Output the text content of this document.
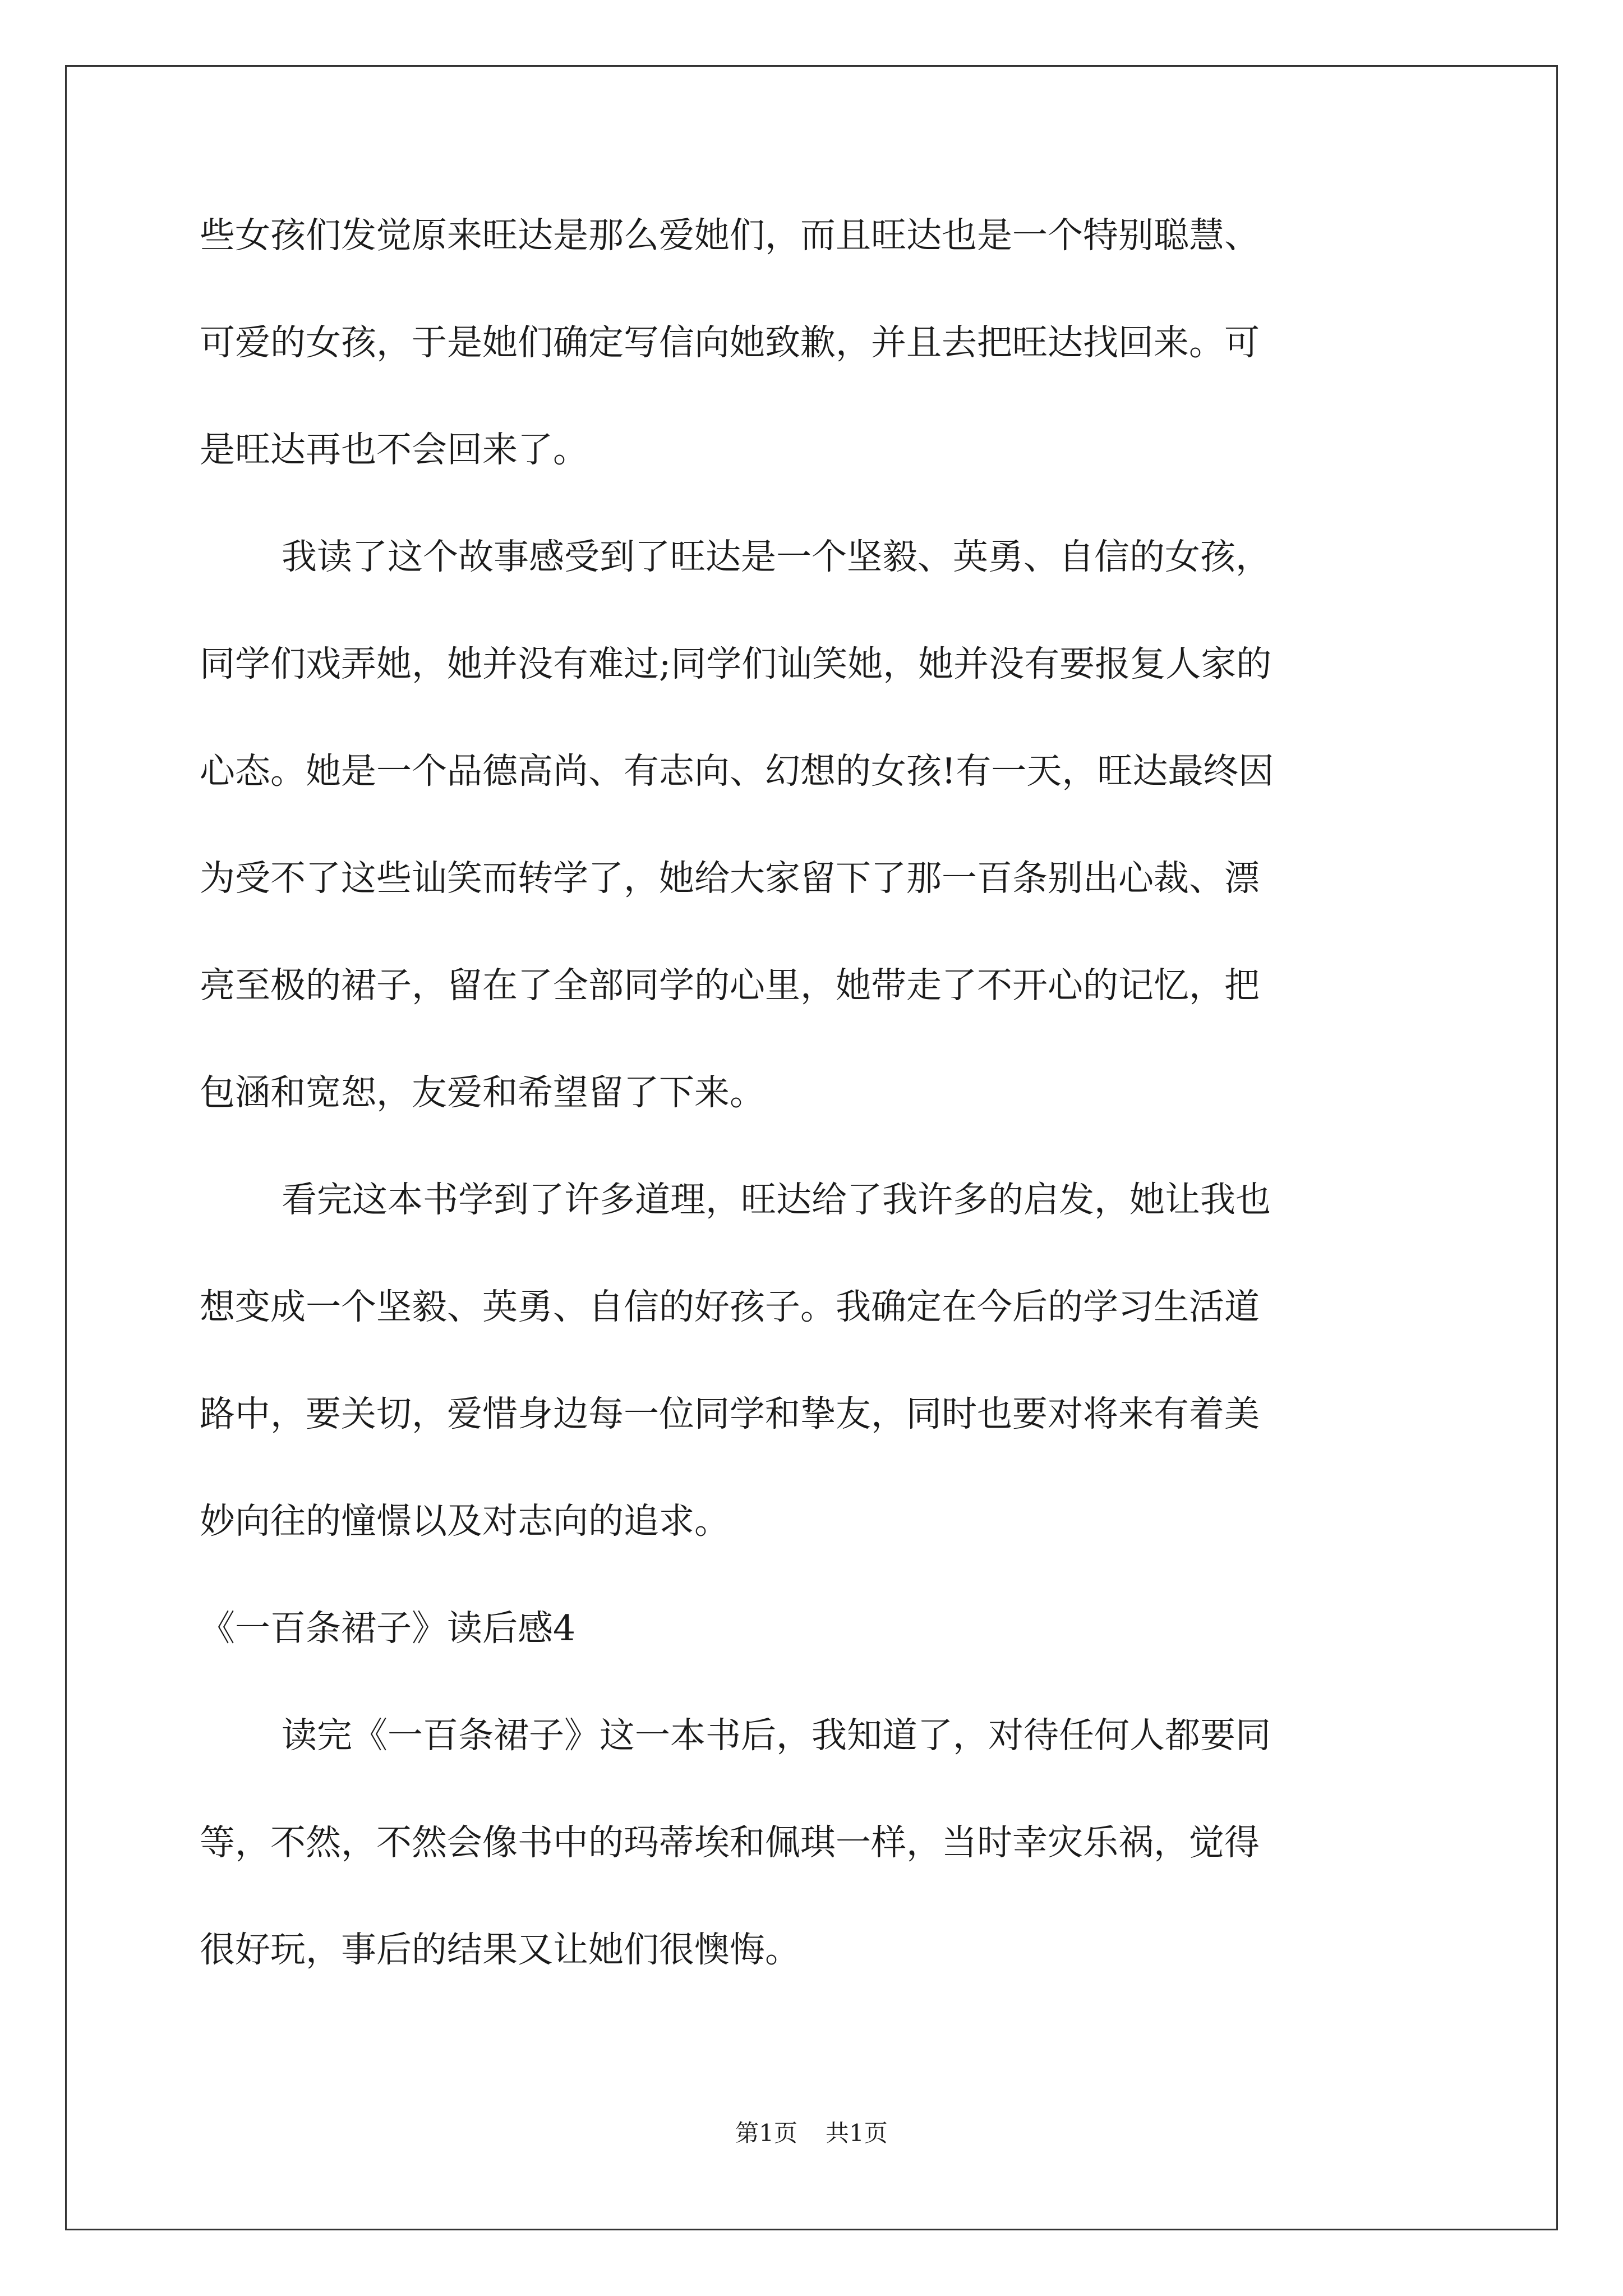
些女孩们发觉原来旺达是那么爱她们，而且旺达也是一个特别聪慧、
可爱的女孩，于是她们确定写信向她致歉，并且去把旺达找回来。可
是旺达再也不会回来了。
我读了这个故事感受到了旺达是一个坚毅、英勇、自信的女孩，
同学们戏弄她，她并没有难过;同学们讪笑她，她并没有要报复人家的
心态。她是一个品德高尚、有志向、幻想的女孩!有一天，旺达最终因
为受不了这些讪笑而转学了，她给大家留下了那一百条别出心裁、漂
亮至极的裙子，留在了全部同学的心里，她带走了不开心的记忆，把
包涵和宽恕，友爱和希望留了下来。
看完这本书学到了许多道理，旺达给了我许多的启发，她让我也
想变成一个坚毅、英勇、自信的好孩子。我确定在今后的学习生活道
路中，要关切，爱惜身边每一位同学和挚友，同时也要对将来有着美
妙向往的憧憬以及对志向的追求。
《一百条裙子》读后感4
读完《一百条裙子》这一本书后，我知道了，对待任何人都要同
等，不然，不然会像书中的玛蒂埃和佩琪一样，当时幸灾乐祸，觉得
很好玩，事后的结果又让她们很懊悔。
第1页 共1页
